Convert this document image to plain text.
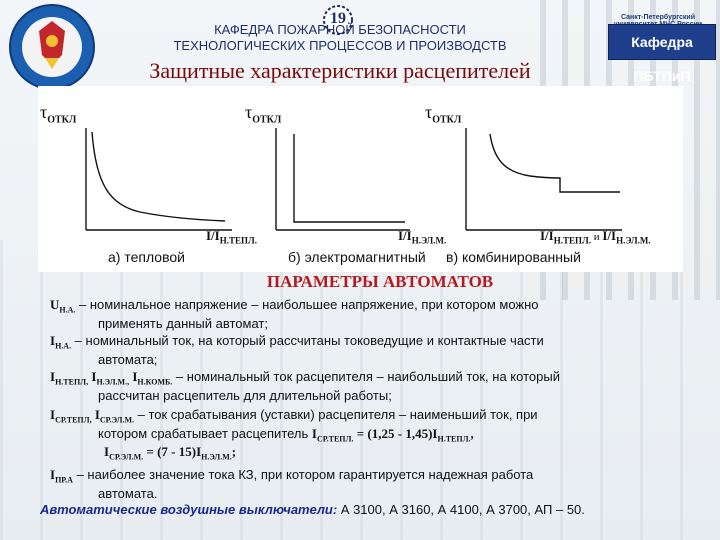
19
КАФЕДРА ПОЖАРНОЙ БЕЗОПАСНОСТИ
ТЕХНОЛОГИЧЕСКИХ ПРОЦЕССОВ И ПРОИЗВОДСТВ
Санкт-Петербургский
Кафедра ПБТПиП
Защитные характеристики расцепителей
$\tau_{ОТКЛ}$	$\tau_{ОТКЛ}$	$\tau_{ОТКЛ}$
$I/I_{Н.ТЕПЛ.}$	$I/I_{Н.ЭЛ.М.}$	$I/I_{Н.ТЕПЛ.}$ и $I/I_{Н.ЭЛ.М.}$
а) тепловой	б) электромагнитный в) комбинированный
ПАРАМЕТРЫ АВТОМАТОВ
$U_{Н.А.}$ – номинальное напряжение – наибольшее напряжение, при котором можно
применять данный автомат;
$I_{Н.А.}$ – номинальный ток, на который рассчитаны токоведущие и контактные части
автомата;
$I_{Н.ТЕПЛ,}$ $I_{Н.ЭЛ.М.,}$ $I_{Н.КОМБ.}$ – номинальный ток расцепителя – наибольший ток, на который
рассчитан расцепитель для длительной работы;
$I_{СР.ТЕПЛ,}$ $I_{СР.ЭЛ.М.}$ – ток срабатывания (уставки) расцепителя – наименьший ток, при
котором срабатывает расцепитель $I_{СР.ТЕПЛ.} = (1,25 - 1,45)I_{Н.ТЕПЛ.}$,
$I_{СР.ЭЛ.М.} = (7 - 15)I_{Н.ЭЛ.М.}$;
$I_{ПР.А}$ – наиболее значение тока КЗ, при котором гарантируется надежная работа
автомата.
Автоматические воздушные выключатели: А 3100, А 3160, А 4100, А 3700, АП – 50.
